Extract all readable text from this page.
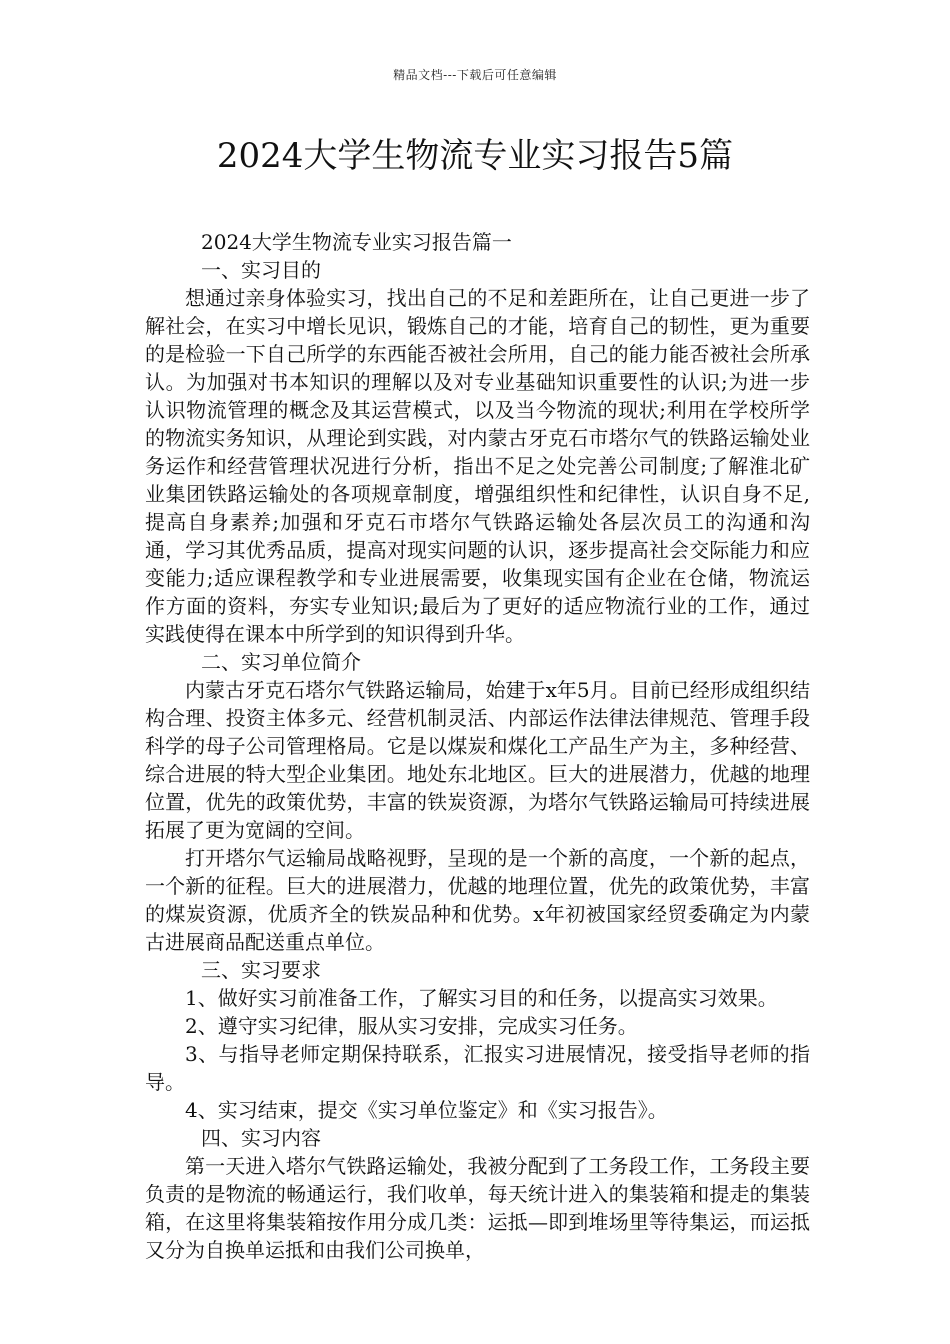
精品文档---下载后可任意编辑
2024大学生物流专业实习报告5篇

2024大学生物流专业实习报告篇一

一、实习目的

想通过亲身体验实习，找出自己的不足和差距所在，让自己更进一步了解社会，在实习中增长见识，锻炼自己的才能，培育自己的韧性，更为重要的是检验一下自己所学的东西能否被社会所用，自己的能力能否被社会所承认。为加强对书本知识的理解以及对专业基础知识重要性的认识;为进一步认识物流管理的概念及其运营模式，以及当今物流的现状;利用在学校所学的物流实务知识，从理论到实践，对内蒙古牙克石市塔尔气的铁路运输处业务运作和经营管理状况进行分析，指出不足之处完善公司制度;了解淮北矿业集团铁路运输处的各项规章制度，增强组织性和纪律性，认识自身不足,提高自身素养;加强和牙克石市塔尔气铁路运输处各层次员工的沟通和沟通，学习其优秀品质，提高对现实问题的认识，逐步提高社会交际能力和应变能力;适应课程教学和专业进展需要，收集现实国有企业在仓储，物流运作方面的资料，夯实专业知识;最后为了更好的适应物流行业的工作，通过实践使得在课本中所学到的知识得到升华。

二、实习单位简介

内蒙古牙克石塔尔气铁路运输局，始建于x年5月。目前已经形成组织结构合理、投资主体多元、经营机制灵活、内部运作法律法律规范、管理手段科学的母子公司管理格局。它是以煤炭和煤化工产品生产为主，多种经营、综合进展的特大型企业集团。地处东北地区。巨大的进展潜力，优越的地理位置，优先的政策优势，丰富的铁炭资源，为塔尔气铁路运输局可持续进展拓展了更为宽阔的空间。

打开塔尔气运输局战略视野，呈现的是一个新的高度，一个新的起点，一个新的征程。巨大的进展潜力，优越的地理位置，优先的政策优势，丰富的煤炭资源，优质齐全的铁炭品种和优势。x年初被国家经贸委确定为内蒙古进展商品配送重点单位。

三、实习要求

1、做好实习前准备工作，了解实习目的和任务，以提高实习效果。

2、遵守实习纪律，服从实习安排，完成实习任务。

3、与指导老师定期保持联系，汇报实习进展情况，接受指导老师的指导。

4、实习结束，提交《实习单位鉴定》和《实习报告》。

四、实习内容

第一天进入塔尔气铁路运输处，我被分配到了工务段工作，工务段主要负责的是物流的畅通运行，我们收单，每天统计进入的集装箱和提走的集装箱，在这里将集装箱按作用分成几类：运抵—即到堆场里等待集运，而运抵又分为自换单运抵和由我们公司换单，
